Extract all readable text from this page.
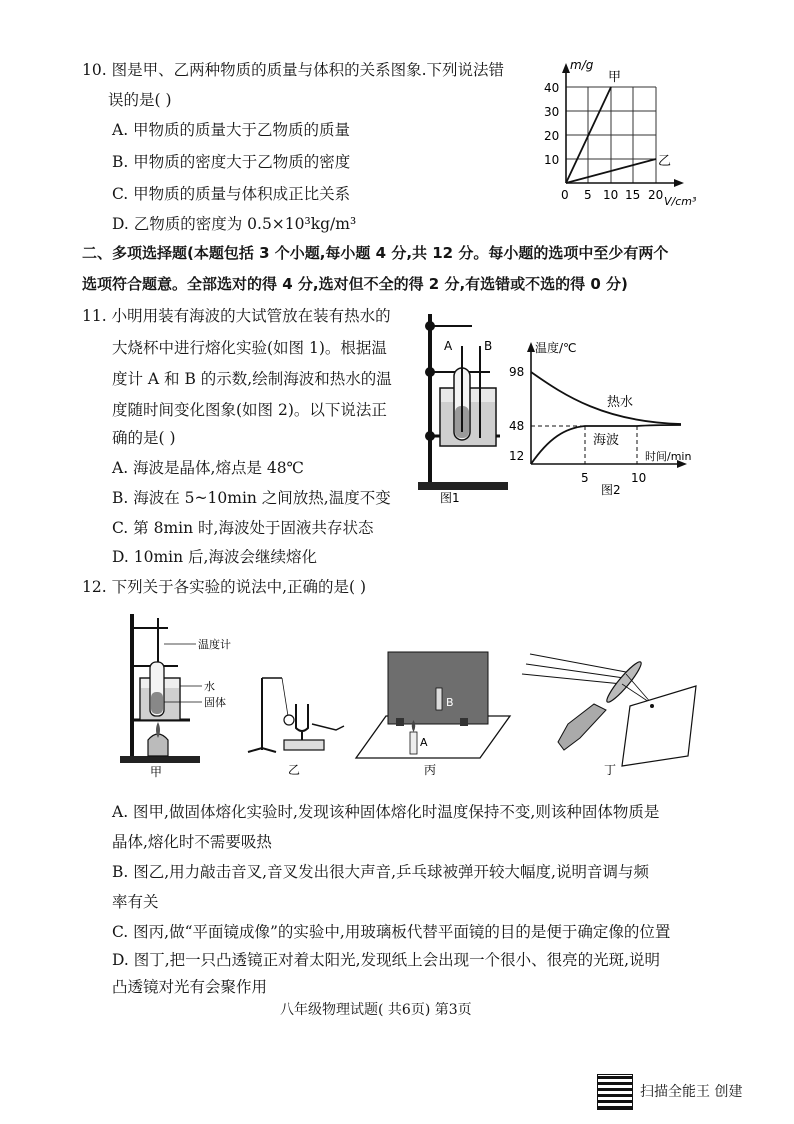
10. 图是甲、乙两种物质的质量与体积的关系图象.下列说法错
误的是( )
A. 甲物质的质量大于乙物质的质量
B. 甲物质的密度大于乙物质的密度
C. 甲物质的质量与体积成正比关系
D. 乙物质的密度为 0.5×10³kg/m³
m/g
甲
乙
40
30
20
10
0 5 10 15 20 V/cm³
二、多项选择题(本题包括 3 个小题,每小题 4 分,共 12 分。每小题的选项中至少有两个
选项符合题意。全部选对的得 4 分,选对但不全的得 2 分,有选错或不选的得 0 分)
11. 小明用装有海波的大试管放在装有热水的
大烧杯中进行熔化实验(如图 1)。根据温
度计 A 和 B 的示数,绘制海波和热水的温
度随时间变化图象(如图 2)。以下说法正
确的是( )
A. 海波是晶体,熔点是 48℃
B. 海波在 5~10min 之间放热,温度不变
C. 第 8min 时,海波处于固液共存状态
D. 10min 后,海波会继续熔化
A	B
图1
温度/℃
98
48
12
热水
海波
时间/min
5	10
图2
12. 下列关于各实验的说法中,正确的是( )
温度计
水
固体
甲	乙
B
A
丙	丁
A. 图甲,做固体熔化实验时,发现该种固体熔化时温度保持不变,则该种固体物质是
晶体,熔化时不需要吸热
B. 图乙,用力敲击音叉,音叉发出很大声音,乒乓球被弹开较大幅度,说明音调与频
率有关
C. 图丙,做“平面镜成像”的实验中,用玻璃板代替平面镜的目的是便于确定像的位置
D. 图丁,把一只凸透镜正对着太阳光,发现纸上会出现一个很小、很亮的光斑,说明
凸透镜对光有会聚作用
八年级物理试题( 共6页) 第3页
扫描全能王 创建
